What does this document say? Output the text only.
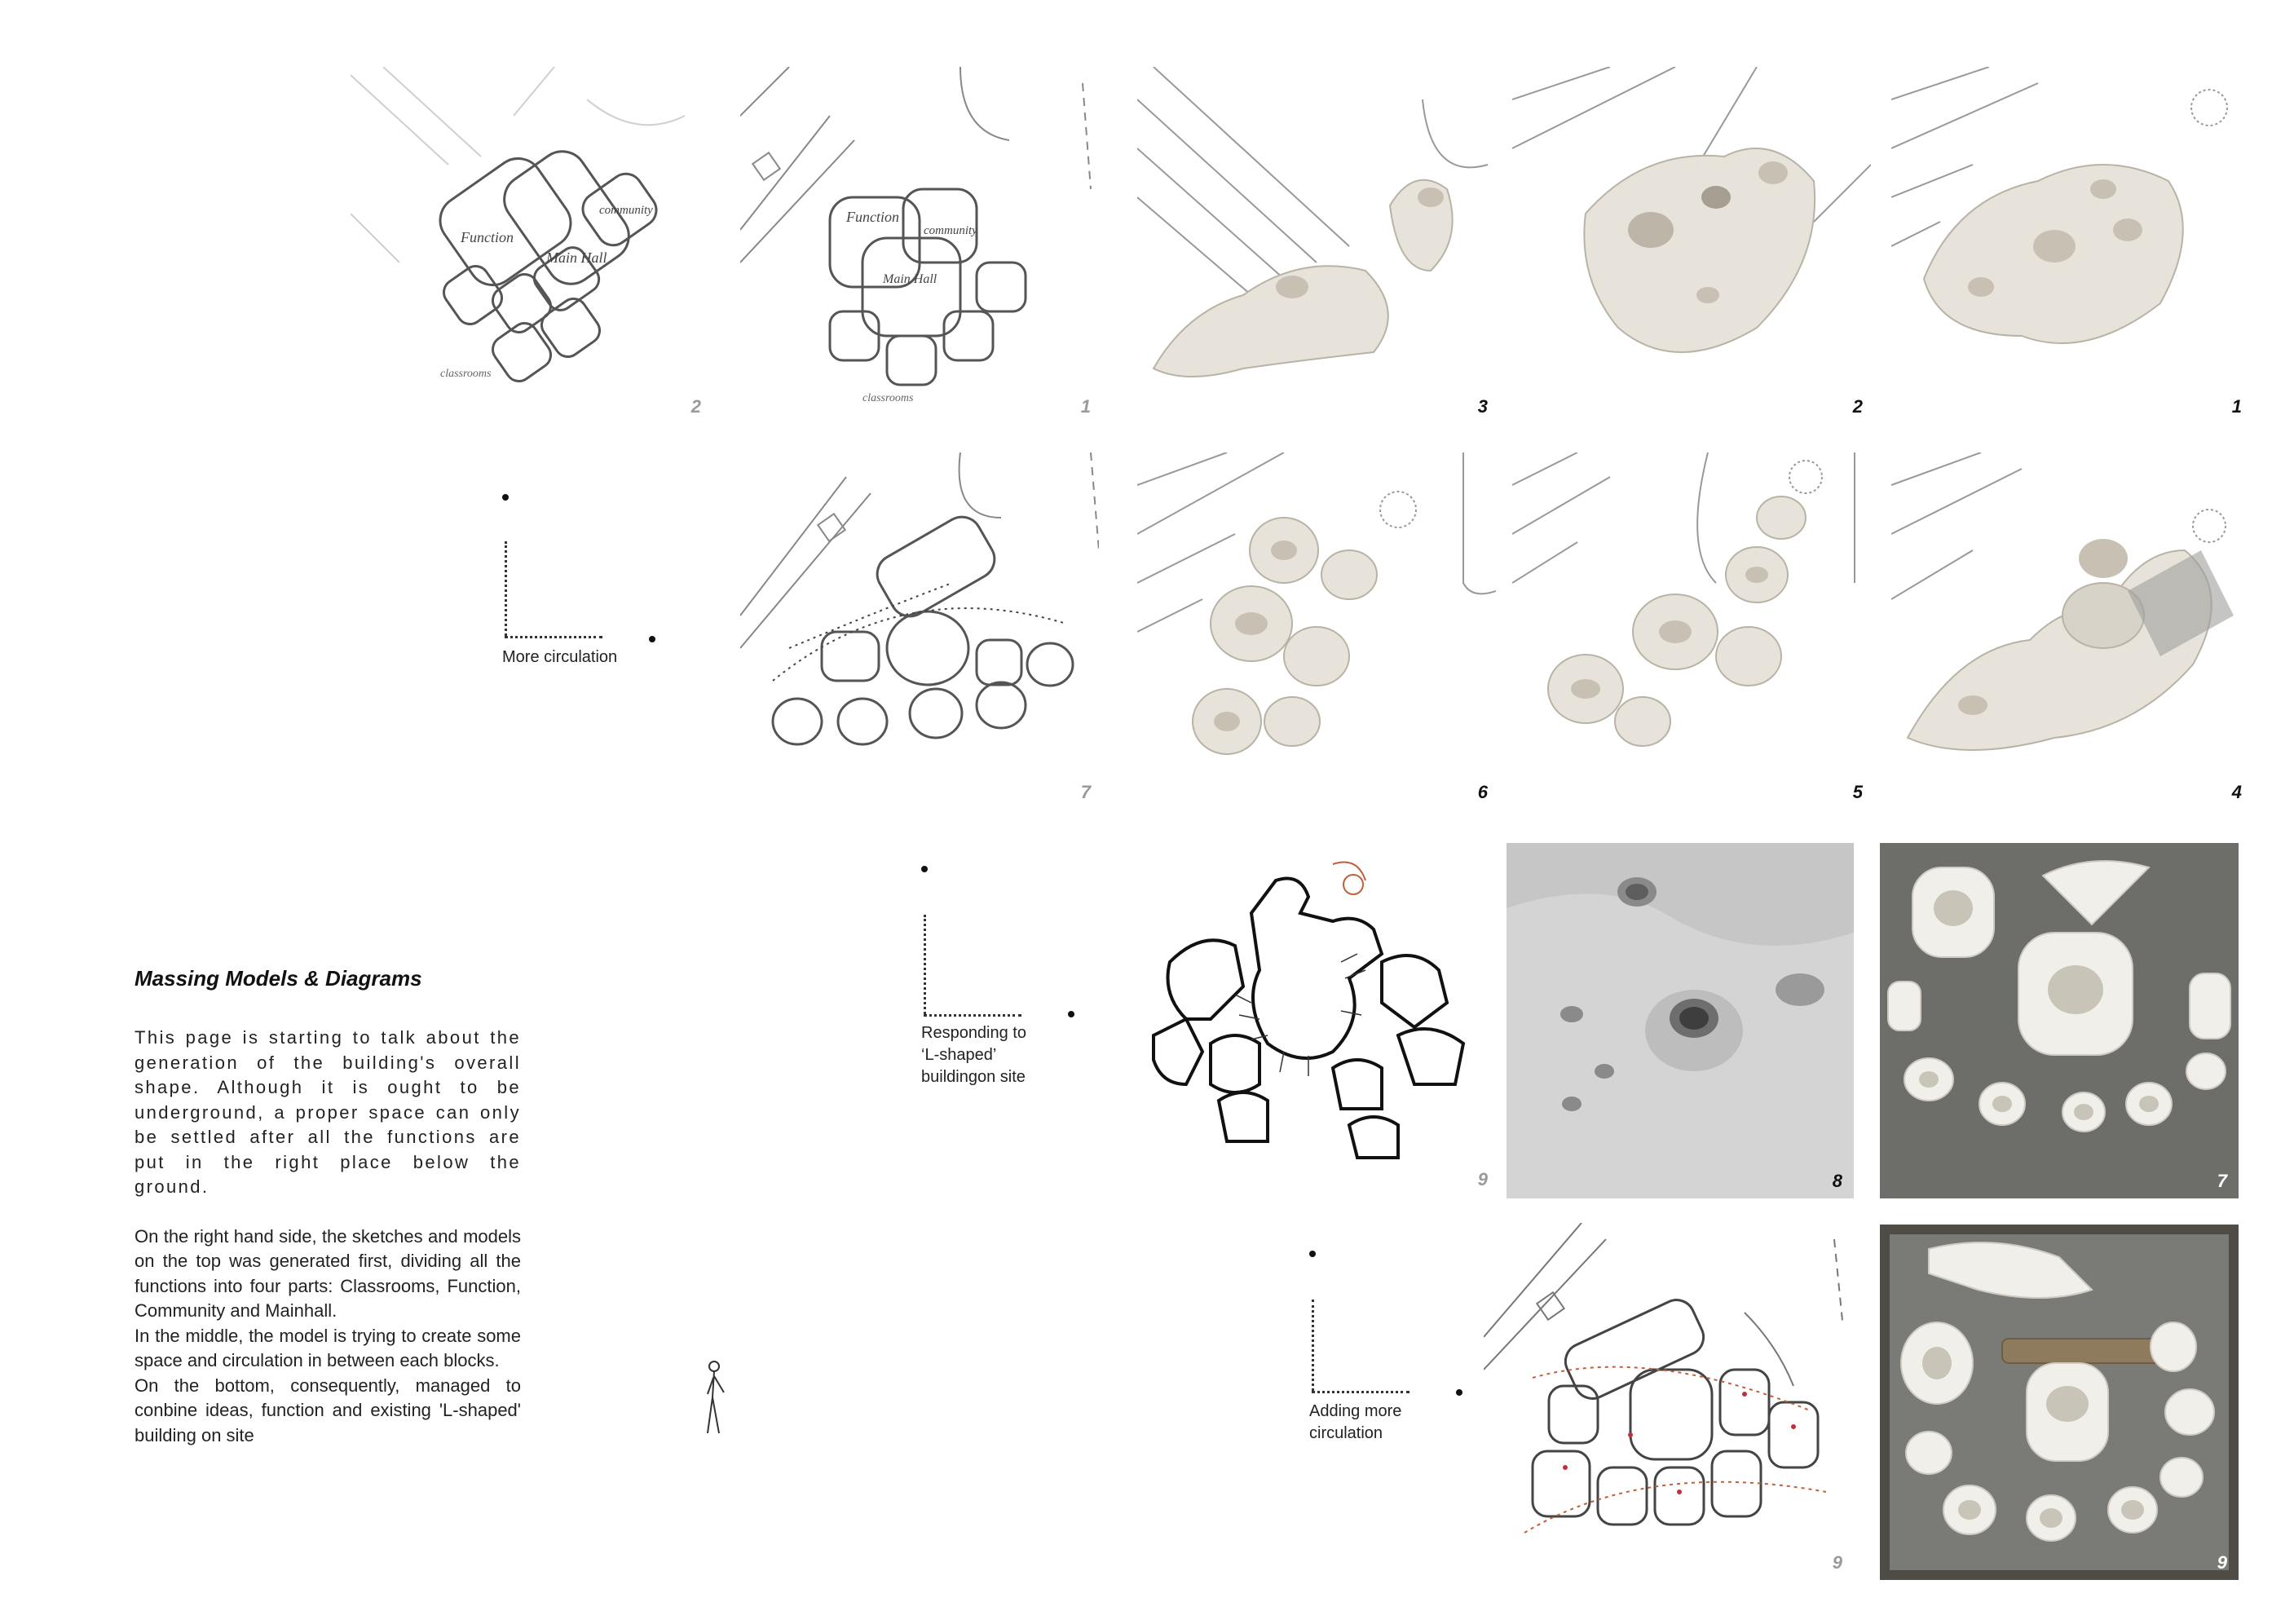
Function
community
Main Hall
classrooms
2
Function
community
Main Hall
classrooms	1	3	2	1
More circulation
7	6	5	4
Massing Models & Diagrams

This page is starting to talk about the generation of the building's overall shape. Although it is ought to be underground, a proper space can only be settled after all the functions are put in the right place below the ground.

On the right hand side, the sketches and models on the top was generated first, dividing all the functions into four parts: Classrooms, Function, Community and Mainhall.

In the middle, the model is trying to create some space and circulation in between each blocks.

On the bottom, consequently, managed to conbine ideas, function and existing 'L-shaped' building on site

Responding to ‘L-shaped’ buildingon site
9	8	7
Adding more circulation
9	9
